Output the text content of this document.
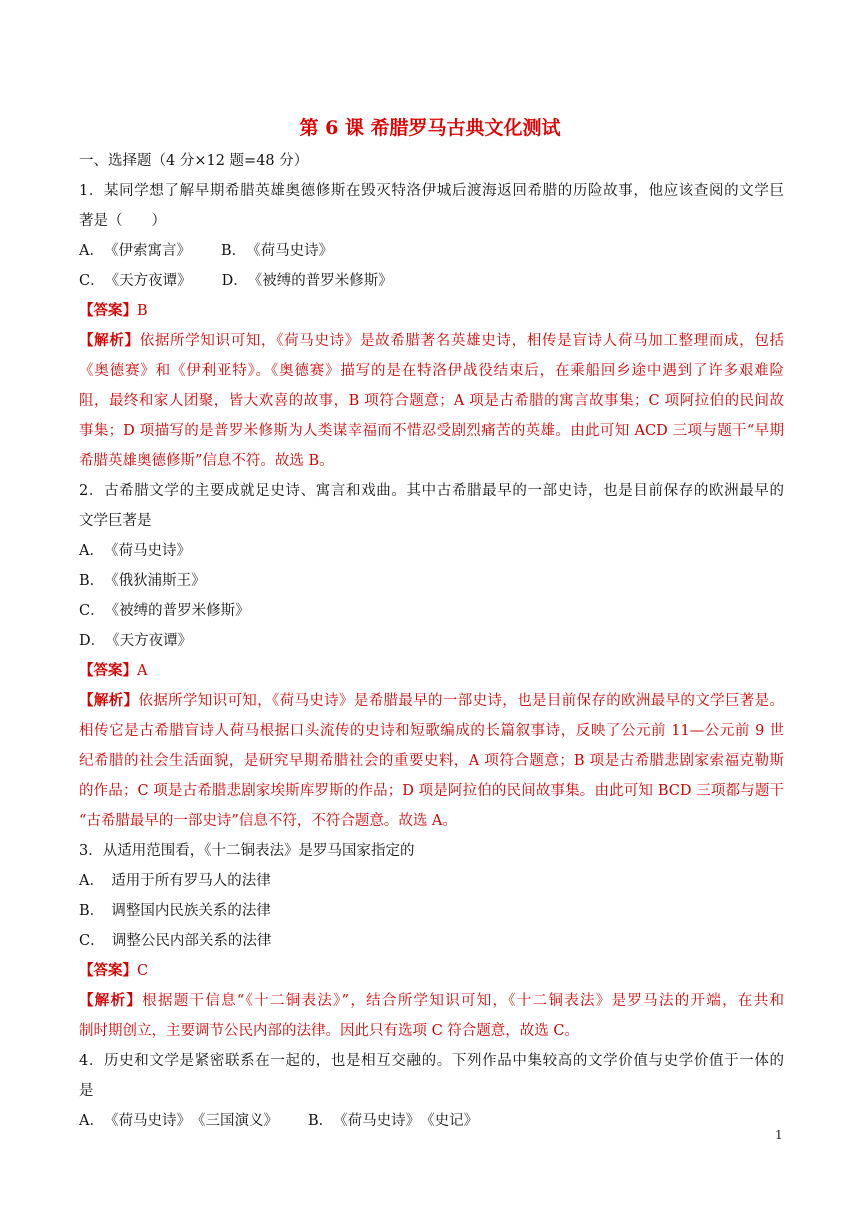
第 6 课 希腊罗马古典文化测试
一、选择题（4 分×12 题=48 分）
1．某同学想了解早期希腊英雄奥德修斯在毁灭特洛伊城后渡海返回希腊的历险故事，他应该查阅的文学巨
著是（　　）
A．　《伊索寓言》 B．　《荷马史诗》
C．　《天方夜谭》 D．　《被缚的普罗米修斯》
【答案】B
【解析】依据所学知识可知，《荷马史诗》是故希腊著名英雄史诗，相传是盲诗人荷马加工整理而成，包括
《奥德赛》和《伊利亚特》。《奥德赛》描写的是在特洛伊战役结束后，在乘船回乡途中遇到了许多艰难险
阻，最终和家人团聚，皆大欢喜的故事，B 项符合题意；A 项是古希腊的寓言故事集；C 项阿拉伯的民间故
事集；D 项描写的是普罗米修斯为人类谋幸福而不惜忍受剧烈痛苦的英雄。由此可知 ACD 三项与题干“早期
希腊英雄奥德修斯”信息不符。故选 B。
2．古希腊文学的主要成就足史诗、寓言和戏曲。其中古希腊最早的一部史诗，也是目前保存的欧洲最早的
文学巨著是
A．　《荷马史诗》
B．　《俄狄浦斯王》
C．　《被缚的普罗米修斯》
D．　《天方夜谭》
【答案】A
【解析】依据所学知识可知，《荷马史诗》是希腊最早的一部史诗，也是目前保存的欧洲最早的文学巨著是。
相传它是古希腊盲诗人荷马根据口头流传的史诗和短歌编成的长篇叙事诗，反映了公元前 11—公元前 9 世
纪希腊的社会生活面貌，是研究早期希腊社会的重要史料，A 项符合题意；B 项是古希腊悲剧家索福克勒斯
的作品；C 项是古希腊悲剧家埃斯库罗斯的作品；D 项是阿拉伯的民间故事集。由此可知 BCD 三项都与题干
“古希腊最早的一部史诗”信息不符，不符合题意。故选 A。
3．从适用范围看，《十二铜表法》是罗马国家指定的
A．　适用于所有罗马人的法律
B．　调整国内民族关系的法律
C．　调整公民内部关系的法律
【答案】C
【解析】根据题干信息“《十二铜表法》”，结合所学知识可知，《十二铜表法》是罗马法的开端，在共和
制时期创立，主要调节公民内部的法律。因此只有选项 C 符合题意，故选 C。
4．历史和文学是紧密联系在一起的，也是相互交融的。下列作品中集较高的文学价值与史学价值于一体的
是
A．　《荷马史诗》　《三国演义》 B．　《荷马史诗》　《史记》
1
